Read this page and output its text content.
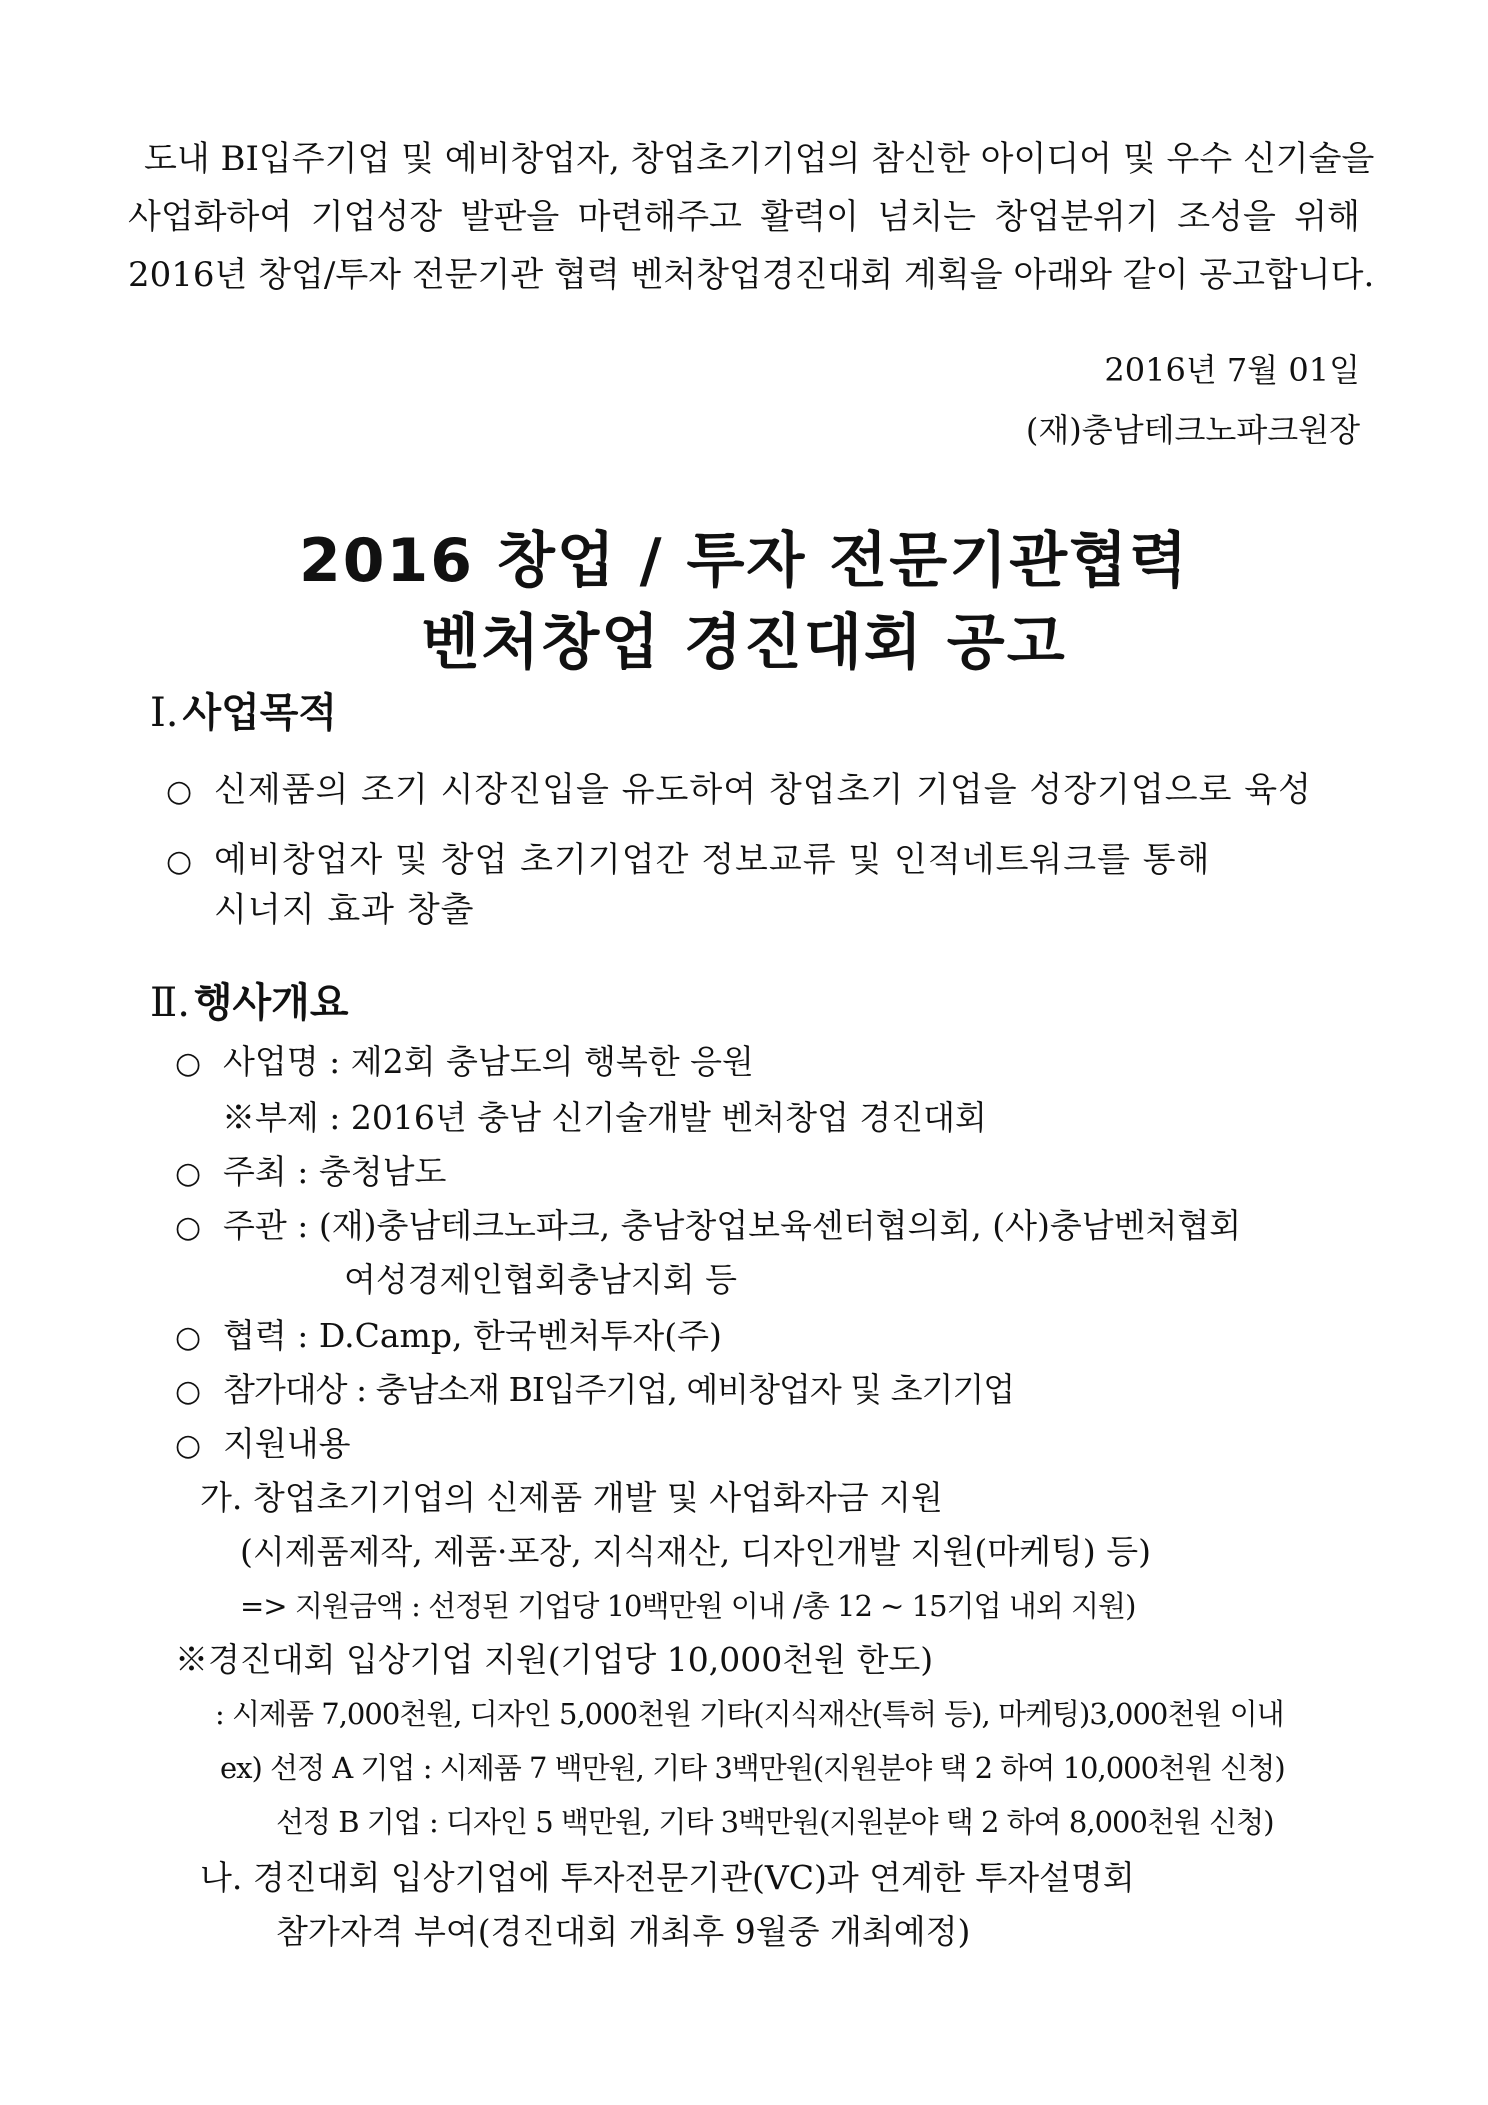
도내 BI입주기업 및 예비창업자, 창업초기기업의 참신한 아이디어 및 우수 신기술을
사업화하여 기업성장 발판을 마련해주고 활력이 넘치는 창업분위기 조성을 위해
2016년 창업/투자 전문기관 협력 벤처창업경진대회 계획을 아래와 같이 공고합니다.
2016년 7월 01일
(재)충남테크노파크원장
2016 창업 / 투자 전문기관협력
벤처창업 경진대회 공고
Ⅰ. 사업목적
○ 신제품의 조기 시장진입을 유도하여 창업초기 기업을 성장기업으로 육성
○ 예비창업자 및 창업 초기기업간 정보교류 및 인적네트워크를 통해
시너지 효과 창출
Ⅱ. 행사개요
○ 사업명 : 제2회 충남도의 행복한 응원
※부제 : 2016년 충남 신기술개발 벤처창업 경진대회
○ 주최 : 충청남도
○ 주관 : (재)충남테크노파크, 충남창업보육센터협의회, (사)충남벤처협회
여성경제인협회충남지회 등
○ 협력 : D.Camp, 한국벤처투자(주)
○ 참가대상 : 충남소재 BI입주기업, 예비창업자 및 초기기업
○ 지원내용
가. 창업초기기업의 신제품 개발 및 사업화자금 지원
(시제품제작, 제품·포장, 지식재산, 디자인개발 지원(마케팅) 등)
=> 지원금액 : 선정된 기업당 10백만원 이내 /총 12 ~ 15기업 내외 지원)
※경진대회 입상기업 지원(기업당 10,000천원 한도)
: 시제품 7,000천원, 디자인 5,000천원 기타(지식재산(특허 등), 마케팅)3,000천원 이내
ex) 선정 A 기업 : 시제품 7 백만원, 기타 3백만원(지원분야 택 2 하여 10,000천원 신청)
선정 B 기업 : 디자인 5 백만원, 기타 3백만원(지원분야 택 2 하여 8,000천원 신청)
나. 경진대회 입상기업에 투자전문기관(VC)과 연계한 투자설명회
참가자격 부여(경진대회 개최후 9월중 개최예정)
